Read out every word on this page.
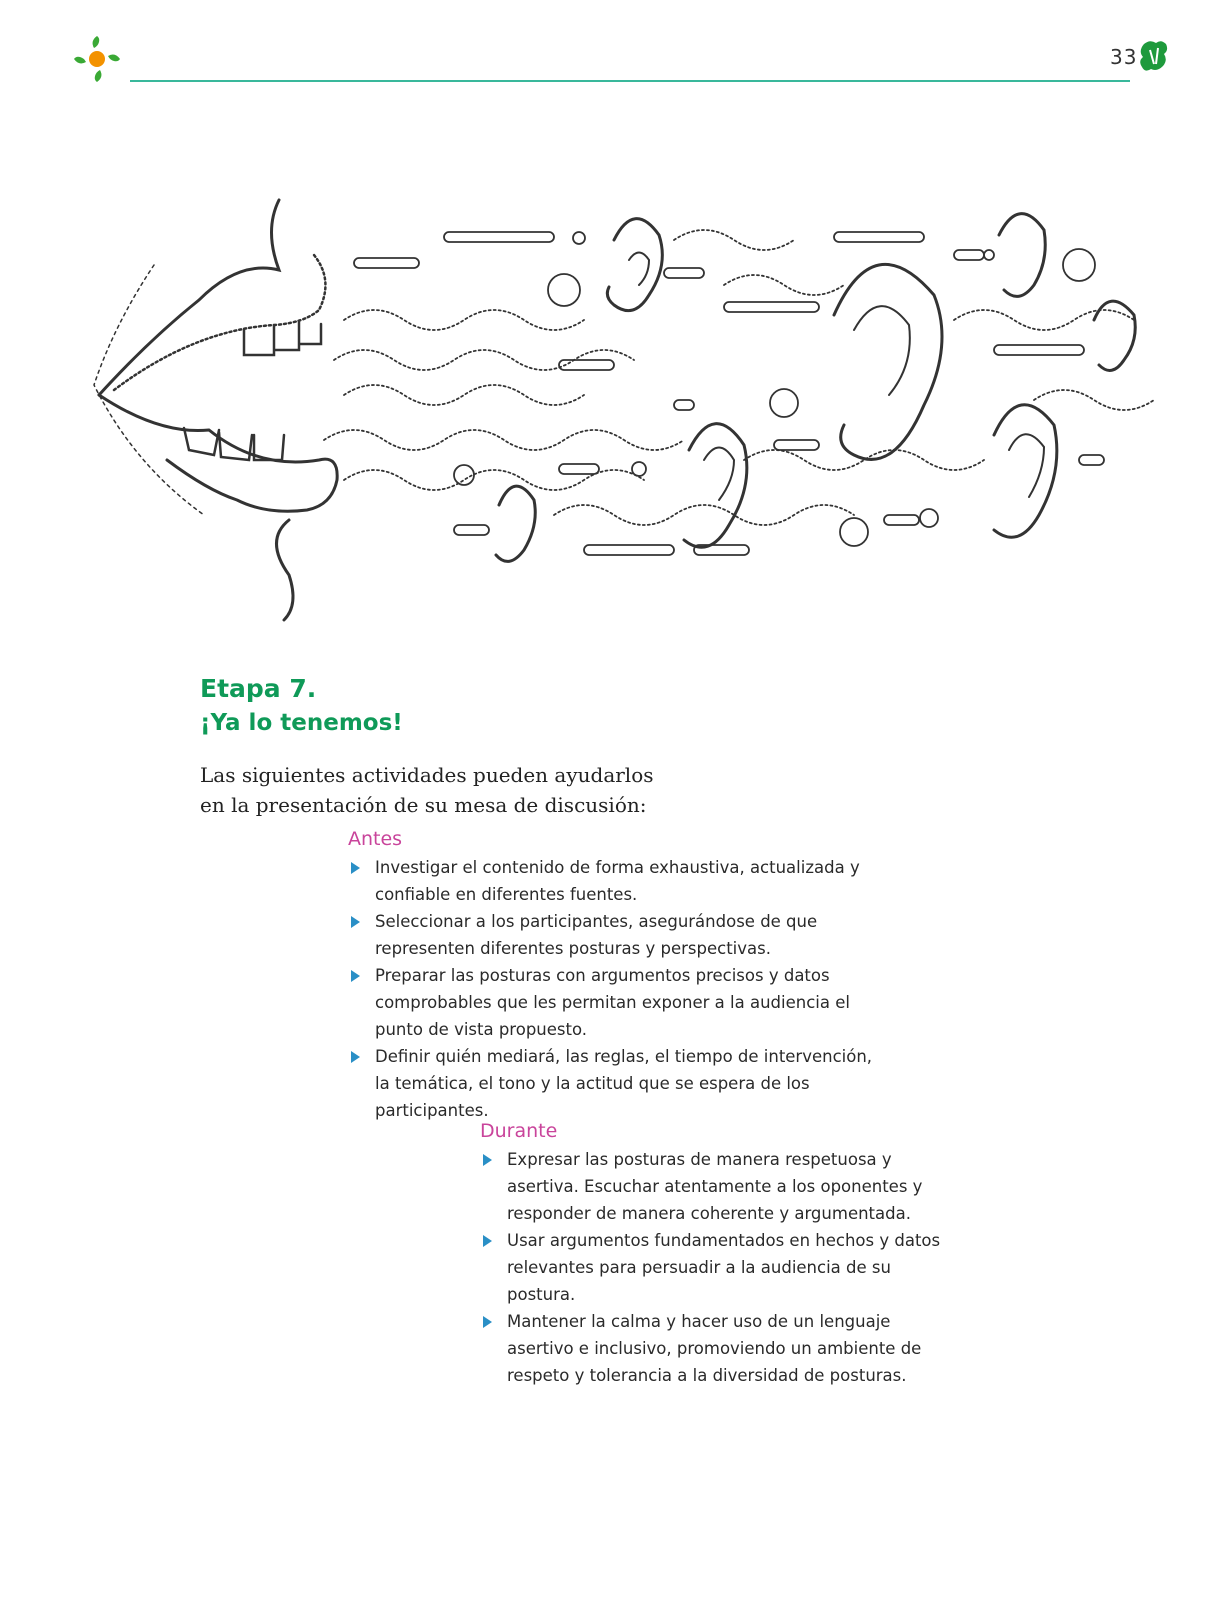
33
Etapa 7.
¡Ya lo tenemos!

Las siguientes actividades pueden ayudarlos en la presentación de su mesa de discusión:

Antes
Investigar el contenido de forma exhaustiva, actualizada y confiable en diferentes fuentes.
Seleccionar a los participantes, asegurándose de que representen diferentes posturas y perspectivas.
Preparar las posturas con argumentos precisos y datos comprobables que les permitan exponer a la audiencia el punto de vista propuesto.
Definir quién mediará, las reglas, el tiempo de intervención, la temática, el tono y la actitud que se espera de los participantes.
Durante
Expresar las posturas de manera respetuosa y asertiva. Escuchar atentamente a los oponentes y responder de manera coherente y argumentada.
Usar argumentos fundamentados en hechos y datos relevantes para persuadir a la audiencia de su postura.
Mantener la calma y hacer uso de un lenguaje asertivo e inclusivo, promoviendo un ambiente de respeto y tolerancia a la diversidad de posturas.
